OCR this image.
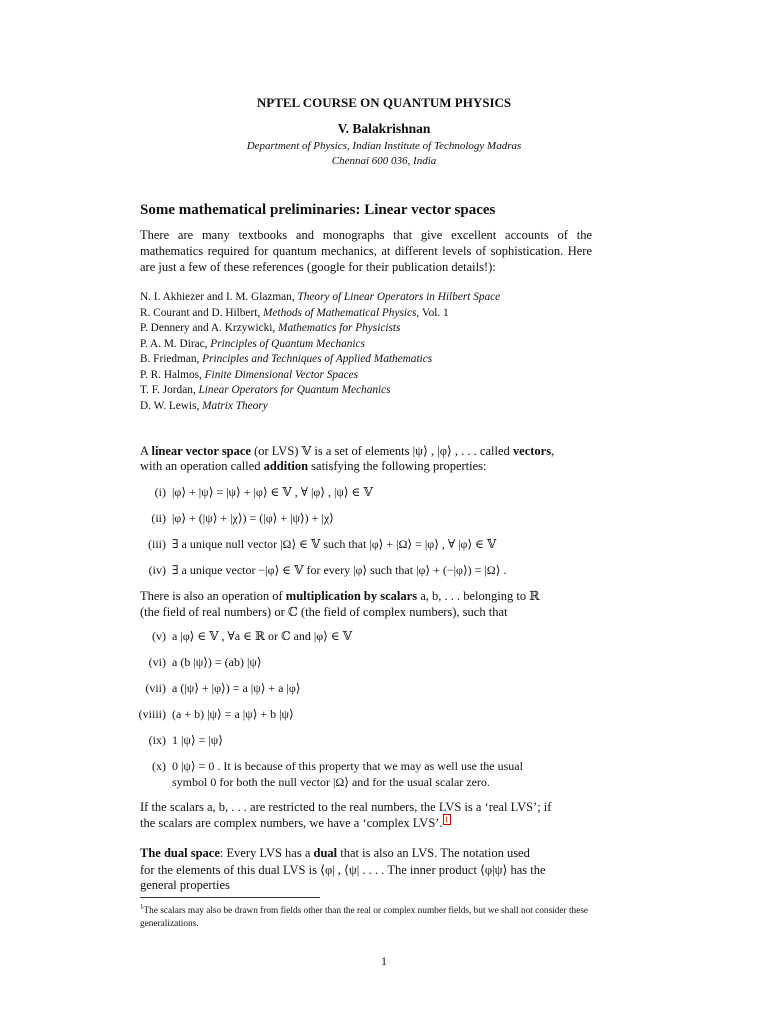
NPTEL COURSE ON QUANTUM PHYSICS
V. Balakrishnan
Department of Physics, Indian Institute of Technology Madras
Chennai 600 036, India
Some mathematical preliminaries: Linear vector spaces
There are many textbooks and monographs that give excellent accounts of the mathematics required for quantum mechanics, at different levels of sophistication. Here are just a few of these references (google for their publication details!):
N. I. Akhiezer and I. M. Glazman, Theory of Linear Operators in Hilbert Space
R. Courant and D. Hilbert, Methods of Mathematical Physics, Vol. 1
P. Dennery and A. Krzywicki, Mathematics for Physicists
P. A. M. Dirac, Principles of Quantum Mechanics
B. Friedman, Principles and Techniques of Applied Mathematics
P. R. Halmos, Finite Dimensional Vector Spaces
T. F. Jordan, Linear Operators for Quantum Mechanics
D. W. Lewis, Matrix Theory
A linear vector space (or LVS) 𝕍 is a set of elements |ψ⟩ , |φ⟩ , . . . called vectors,
with an operation called addition satisfying the following properties:
(i) |φ⟩ + |ψ⟩ = |ψ⟩ + |φ⟩ ∈ 𝕍 , ∀ |φ⟩ , |ψ⟩ ∈ 𝕍
(ii) |φ⟩ + (|ψ⟩ + |χ⟩) = (|φ⟩ + |ψ⟩) + |χ⟩
(iii) ∃ a unique null vector |Ω⟩ ∈ 𝕍 such that |φ⟩ + |Ω⟩ = |φ⟩ , ∀ |φ⟩ ∈ 𝕍
(iv) ∃ a unique vector −|φ⟩ ∈ 𝕍 for every |φ⟩ such that |φ⟩ + (−|φ⟩) = |Ω⟩ .
There is also an operation of multiplication by scalars a, b, . . . belonging to ℝ
(the field of real numbers) or ℂ (the field of complex numbers), such that
(v) a |φ⟩ ∈ 𝕍 , ∀a ∈ ℝ or ℂ and |φ⟩ ∈ 𝕍
(vi) a (b |ψ⟩) = (ab) |ψ⟩
(vii) a (|ψ⟩ + |φ⟩) = a |ψ⟩ + a |φ⟩
(viiii) (a + b) |ψ⟩ = a |ψ⟩ + b |ψ⟩
(ix) 1 |ψ⟩ = |ψ⟩
(x) 0 |ψ⟩ = 0 . It is because of this property that we may as well use the usual
symbol 0 for both the null vector |Ω⟩ and for the usual scalar zero.
If the scalars a, b, . . . are restricted to the real numbers, the LVS is a ‘real LVS’; if
the scalars are complex numbers, we have a ‘complex LVS’. $^1$
The dual space: Every LVS has a dual that is also an LVS. The notation used
for the elements of this dual LVS is ⟨φ| , ⟨ψ| . . . . The inner product ⟨φ|ψ⟩ has the
general properties
$^1$The scalars may also be drawn from fields other than the real or complex number fields, but we shall not consider these generalizations.
1
